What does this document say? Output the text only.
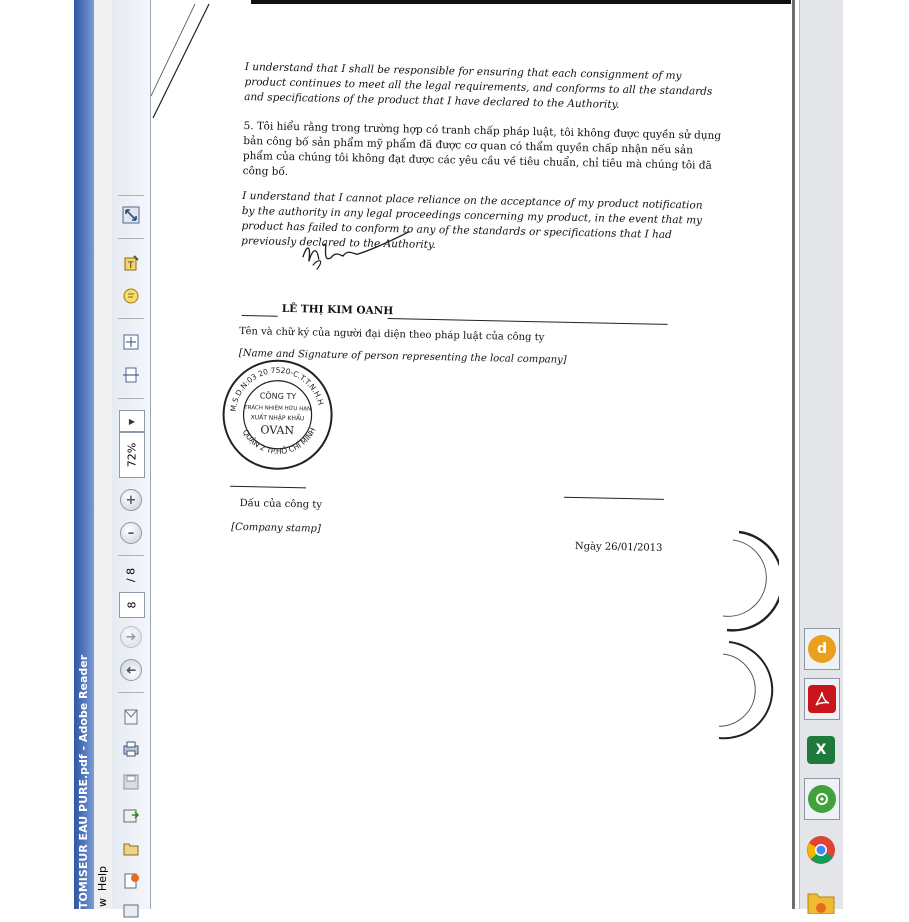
TOMISEUR EAU PURE.pdf - Adobe Reader Help
w
T
▶
72%
+
–
/ 8
8
➜
➜

I understand that I shall be responsible for ensuring that each consignment of my product continues to meet all the legal requirements, and conforms to all the standards and specifications of the product that I have declared to the Authority.

5. Tôi hiểu rằng trong trường hợp có tranh chấp pháp luật, tôi không được quyền sử dụng bản công bố sản phẩm mỹ phẩm đã được cơ quan có thẩm quyền chấp nhận nếu sản phẩm của chúng tôi không đạt được các yêu cầu về tiêu chuẩn, chỉ tiêu mà chúng tôi đã công bố.

I understand that I cannot place reliance on the acceptance of my product notification by the authority in any legal proceedings concerning my product, in the event that my product has failed to conform to any of the standards or specifications that I had previously declared to the Authority.

LÊ THỊ KIM OANH
Tên và chữ ký của người đại diện theo pháp luật của công ty
[Name and Signature of person representing the local company]
M.S.D.N:03 20 7520-C.T.T.N.H.H
QUẬN 2 TP.HỒ CHÍ MINH
CÔNG TY
TRÁCH NHIỆM HỮU HẠN
XUẤT NHẬP KHẨU
OVAN
Dấu của công ty
[Company stamp]
Ngày 26/01/2013
d
X
